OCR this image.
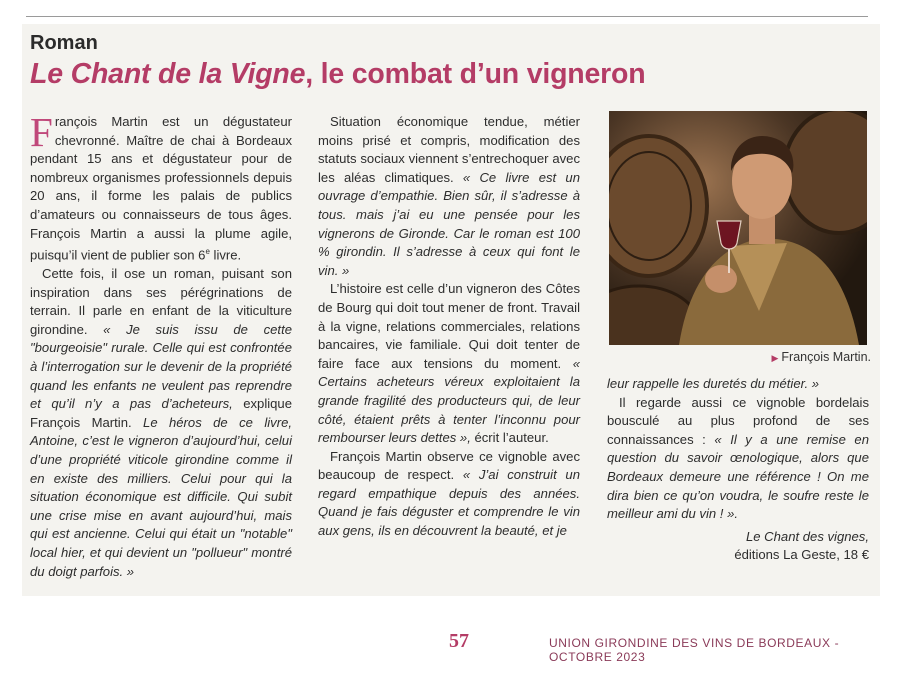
Roman
Le Chant de la Vigne, le combat d’un vigneron

François Martin est un dégustateur chevronné. Maître de chai à Bordeaux pendant 15 ans et dégustateur pour de nombreux organismes professionnels depuis 20 ans, il forme les palais de publics d’amateurs ou connaisseurs de tous âges. François Martin a aussi la plume agile, puisqu’il vient de publier son 6e livre.

Cette fois, il ose un roman, puisant son inspiration dans ses pérégrinations de terrain. Il parle en enfant de la viticulture girondine. « Je suis issu de cette "bourgeoisie" rurale. Celle qui est confrontée à l’interrogation sur le devenir de la propriété quand les enfants ne veulent pas reprendre et qu’il n’y a pas d’acheteurs, explique François Martin. Le héros de ce livre, Antoine, c’est le vigneron d’aujourd’hui, celui d’une propriété viticole girondine comme il en existe des milliers. Celui pour qui la situation économique est difficile. Qui subit une crise mise en avant aujourd’hui, mais qui est ancienne. Celui qui était un "notable" local hier, et qui devient un "pollueur" montré du doigt parfois. »

Situation économique tendue, métier moins prisé et compris, modification des statuts sociaux viennent s’entrechoquer avec les aléas climatiques. « Ce livre est un ouvrage d’empathie. Bien sûr, il s’adresse à tous. mais j’ai eu une pensée pour les vignerons de Gironde. Car le roman est 100 % girondin. Il s’adresse à ceux qui font le vin. »

L’histoire est celle d’un vigneron des Côtes de Bourg qui doit tout mener de front. Travail à la vigne, relations commerciales, relations bancaires, vie familiale. Qui doit tenter de faire face aux tensions du moment. « Certains acheteurs véreux exploitaient la grande fragilité des producteurs qui, de leur côté, étaient prêts à tenter l’inconnu pour rembourser leurs dettes », écrit l’auteur.

François Martin observe ce vignoble avec beaucoup de respect. « J’ai construit un regard empathique depuis des années. Quand je fais déguster et comprendre le vin aux gens, ils en découvrent la beauté, et je

▶ François Martin.

leur rappelle les duretés du métier. »

Il regarde aussi ce vignoble bordelais bousculé au plus profond de ses connaissances : « Il y a une remise en question du savoir œnologique, alors que Bordeaux demeure une référence ! On me dira bien ce qu’on voudra, le soufre reste le meilleur ami du vin ! ».

Le Chant des vignes,
éditions La Geste, 18 €
57	UNION GIRONDINE DES VINS DE BORDEAUX - OCTOBRE 2023
